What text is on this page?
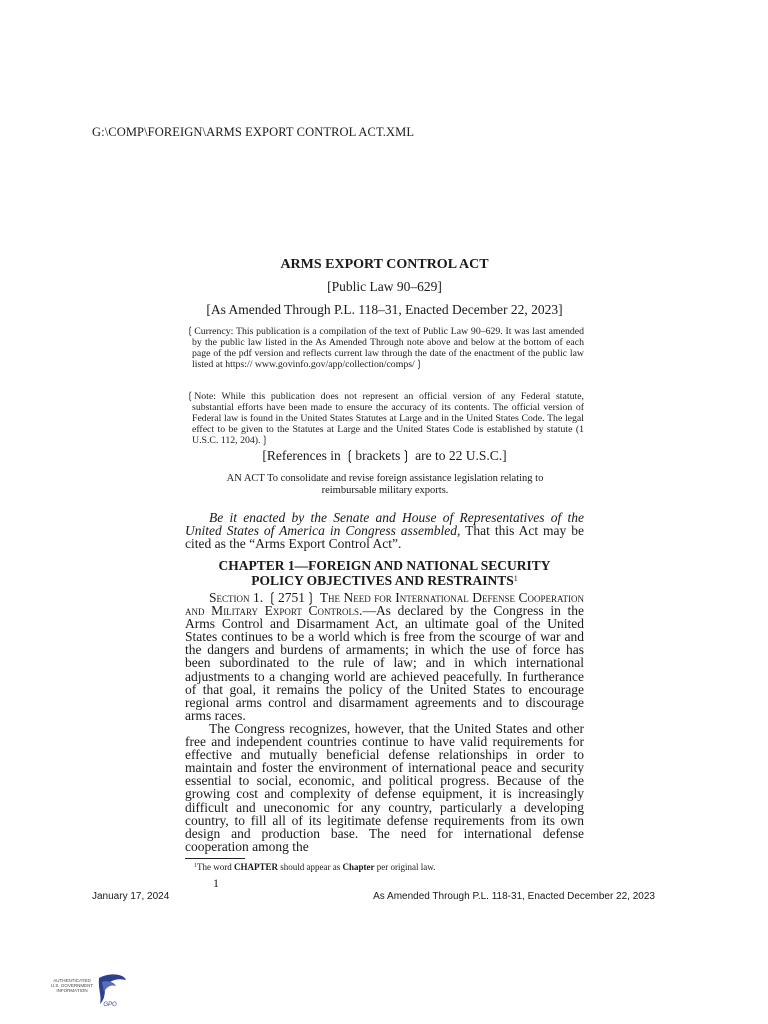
G:\COMP\FOREIGN\ARMS EXPORT CONTROL ACT.XML
ARMS EXPORT CONTROL ACT
[Public Law 90–629]
[As Amended Through P.L. 118–31, Enacted December 22, 2023]
❲Currency: This publication is a compilation of the text of Public Law 90–629. It was last amended by the public law listed in the As Amended Through note above and below at the bottom of each page of the pdf version and reflects current law through the date of the enactment of the public law listed at https:// www.govinfo.gov/app/collection/comps/❳
❲Note: While this publication does not represent an official version of any Federal statute, substantial efforts have been made to ensure the accuracy of its contents. The official version of Federal law is found in the United States Statutes at Large and in the United States Code. The legal effect to be given to the Statutes at Large and the United States Code is established by statute (1 U.S.C. 112, 204).❳
[References in ❲brackets❳ are to 22 U.S.C.]
AN ACT To consolidate and revise foreign assistance legislation relating to reimbursable military exports.
Be it enacted by the Senate and House of Representatives of the United States of America in Congress assembled, That this Act may be cited as the “Arms Export Control Act”.
CHAPTER 1—FOREIGN AND NATIONAL SECURITY
POLICY OBJECTIVES AND RESTRAINTS$^1$
Section 1. ❲2751❳ The Need for International Defense Cooperation and Military Export Controls.—As declared by the Congress in the Arms Control and Disarmament Act, an ultimate goal of the United States continues to be a world which is free from the scourge of war and the dangers and burdens of armaments; in which the use of force has been subordinated to the rule of law; and in which international adjustments to a changing world are achieved peacefully. In furtherance of that goal, it remains the policy of the United States to encourage regional arms control and disarmament agreements and to discourage arms races.
The Congress recognizes, however, that the United States and other free and independent countries continue to have valid requirements for effective and mutually beneficial defense relationships in order to maintain and foster the environment of international peace and security essential to social, economic, and political progress. Because of the growing cost and complexity of defense equipment, it is increasingly difficult and uneconomic for any country, particularly a developing country, to fill all of its legitimate defense requirements from its own design and production base. The need for international defense cooperation among the
$^1$The word CHAPTER should appear as Chapter per original law.
1
January 17, 2024	As Amended Through P.L. 118-31, Enacted December 22, 2023
AUTHENTICATED
U.S. GOVERNMENT
INFORMATION
GPO
